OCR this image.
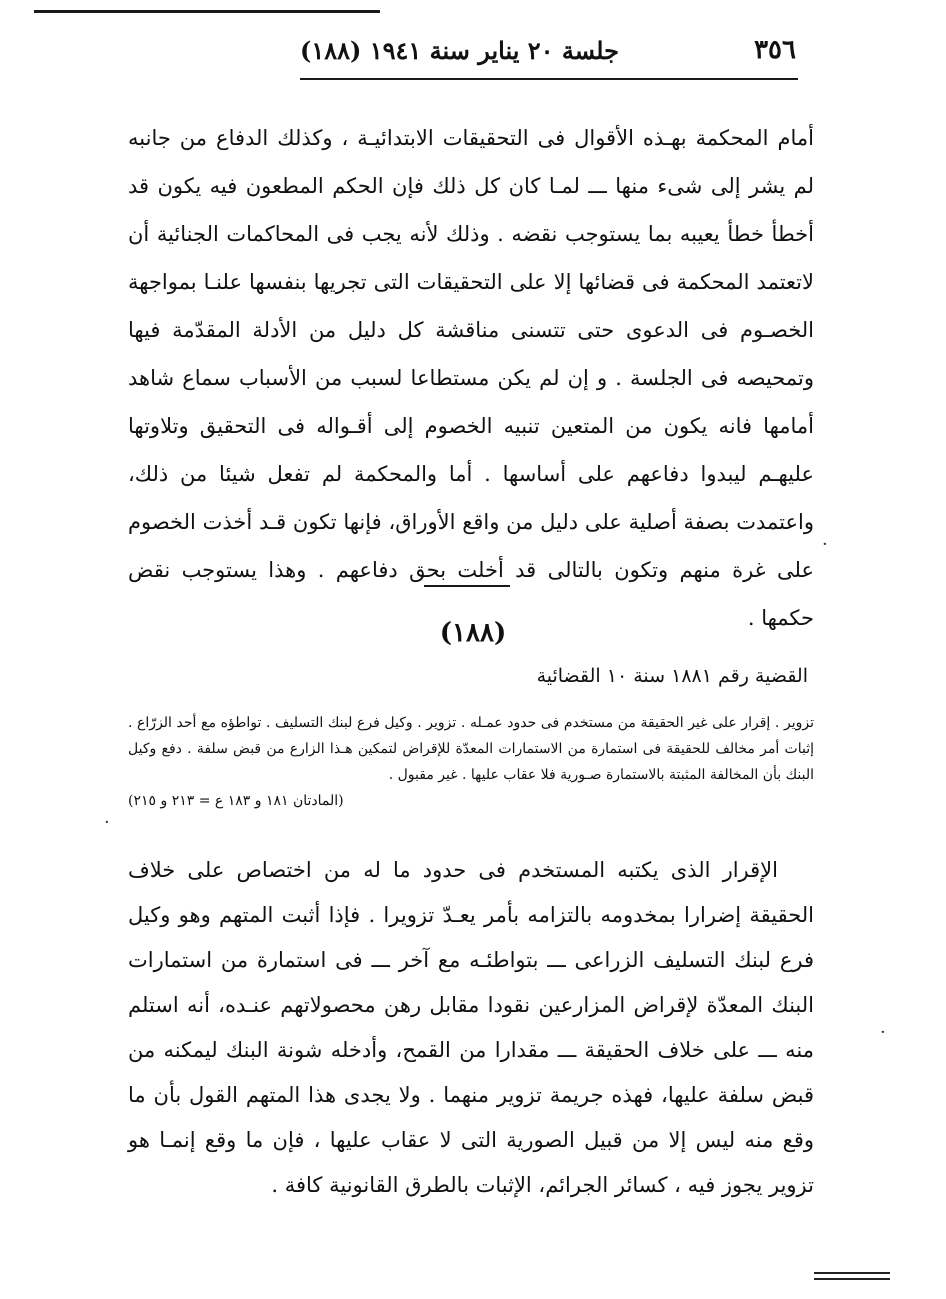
٣٥٦
جلسة ٢٠ يناير سنة ١٩٤١ (١٨٨)

أمام المحكمة بهـذه الأقوال فى التحقيقات الابتدائيـة ، وكذلك الدفاع من جانبه لم يشر إلى شىء منها ـــ لمـا كان كل ذلك فإن الحكم المطعون فيه يكون قد أخطأ خطأ يعيبه بما يستوجب نقضه . وذلك لأنه يجب فى المحاكمات الجنائية أن لاتعتمد المحكمة فى قضائها إلا على التحقيقات التى تجريها بنفسها علنـا بمواجهة الخصـوم فى الدعوى حتى تتسنى مناقشة كل دليل من الأدلة المقدّمة فيها وتمحيصه فى الجلسة . و إن لم يكن مستطاعا لسبب من الأسباب سماع شاهد أمامها فانه يكون من المتعين تنبيه الخصوم إلى أقـواله فى التحقيق وتلاوتها عليهـم ليبدوا دفاعهم على أساسها . أما والمحكمة لم تفعل شيئا من ذلك، واعتمدت بصفة أصلية على دليل من واقع الأوراق، فإنها تكون قـد أخذت الخصوم على غرة منهم وتكون بالتالى قد أخلت بحق دفاعهم . وهذا يستوجب نقض حكمها .

(١٨٨)
القضية رقم ١٨٨١ سنة ١٠ القضائية

تزوير . إقرار على غير الحقيقة من مستخدم فى حدود عمـله . تزوير . وكيل فرع لبنك التسليف . تواطؤه مع أحد الزرّاع . إثبات أمر مخالف للحقيقة فى استمارة من الاستمارات المعدّة للإقراض لتمكين هـذا الزارع من قبض سلفة . دفع وكيل البنك بأن المخالفة المثبتة بالاستمارة صـورية فلا عقاب عليها . غير مقبول .

(المادتان ١٨١ و ١٨٣ ع = ٢١٣ و ٢١٥)

الإقرار الذى يكتبه المستخدم فى حدود ما له من اختصاص على خلاف الحقيقة إضرارا بمخدومه بالتزامه بأمر يعـدّ تزويرا . فإذا أثبت المتهم وهو وكيل فرع لبنك التسليف الزراعى ـــ بتواطئـه مع آخر ـــ فى استمارة من استمارات البنك المعدّة لإقراض المزارعين نقودا مقابل رهن محصولاتهم عنـده، أنه استلم منه ـــ على خلاف الحقيقة ـــ مقدارا من القمح، وأدخله شونة البنك ليمكنه من قبض سلفة عليها، فهذه جريمة تزوير منهما . ولا يجدى هذا المتهم القول بأن ما وقع منه ليس إلا من قبيل الصورية التى لا عقاب عليها ، فإن ما وقع إنمـا هو تزوير يجوز فيه ، كسائر الجرائم، الإثبات بالطرق القانونية كافة .

·
·
·
